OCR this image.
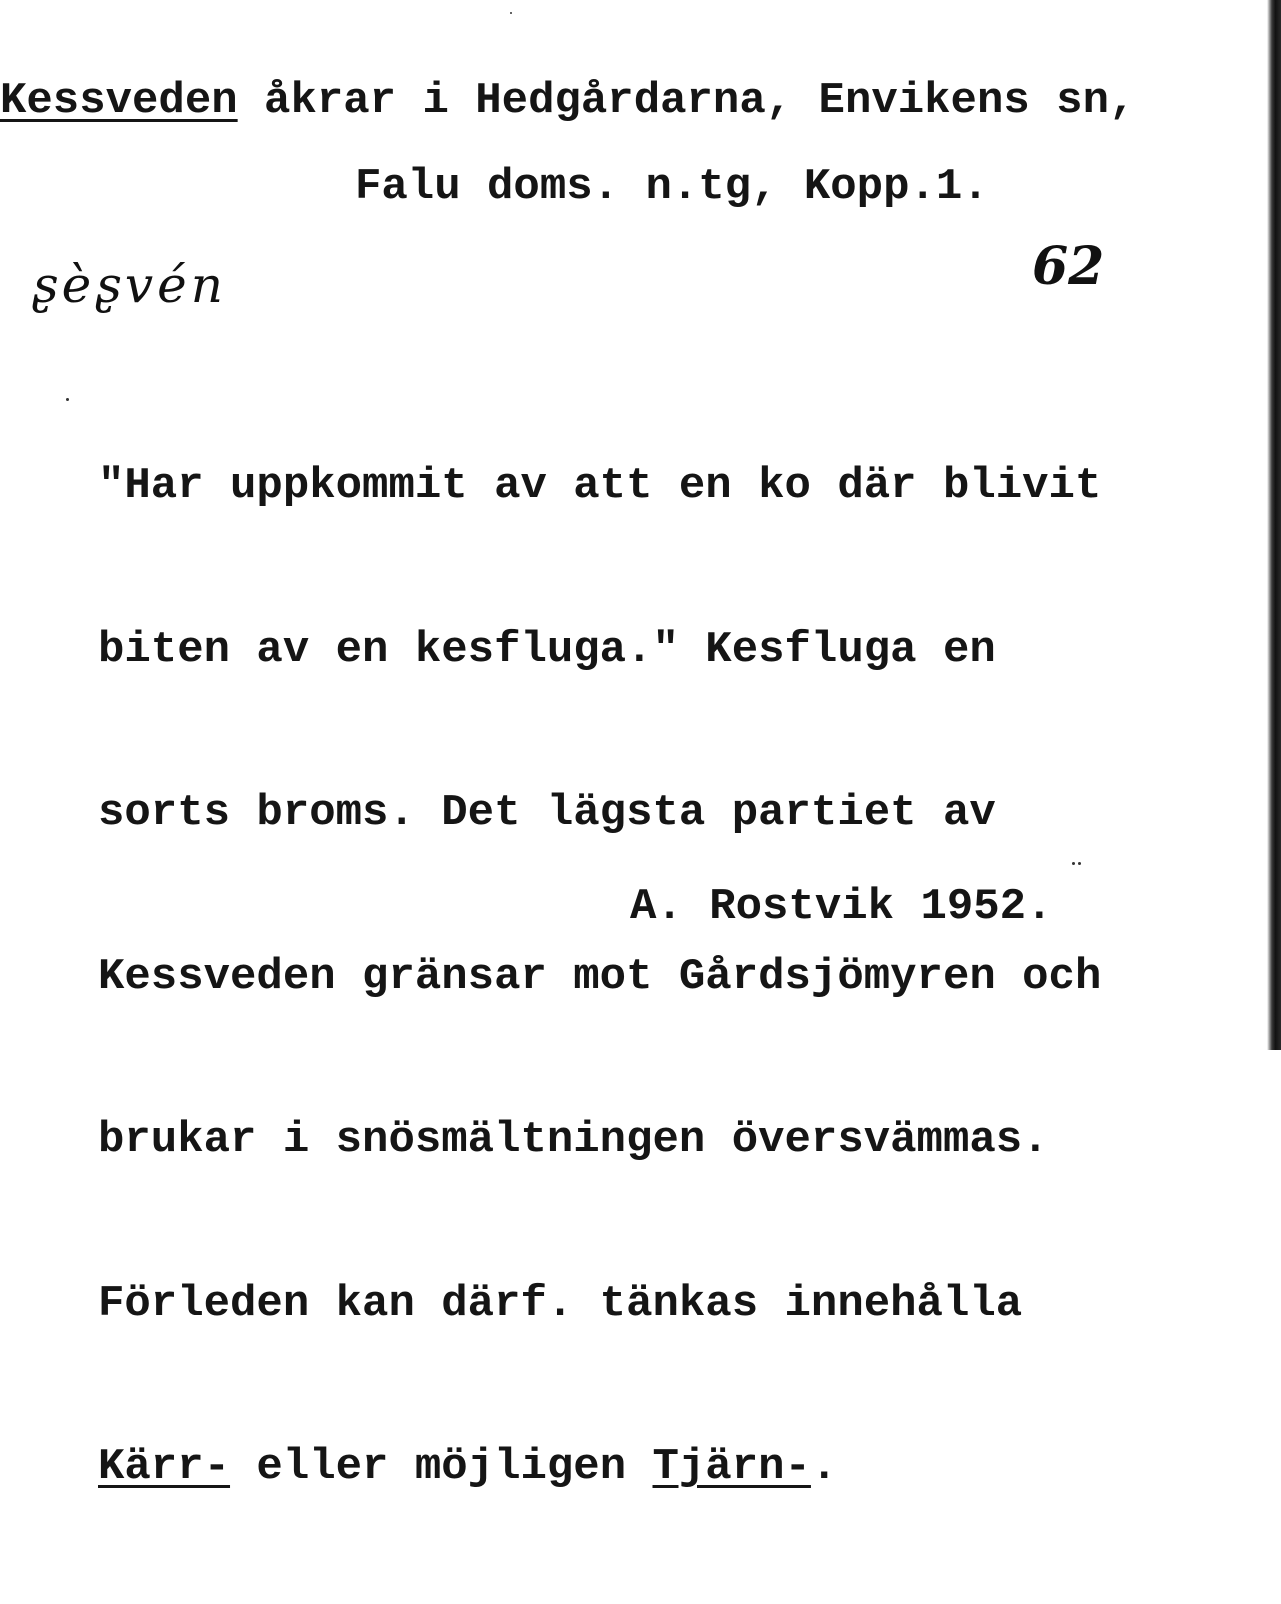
Kessveden åkrar i Hedgårdarna, Envikens sn,
Falu doms. n.tg, Kopp.1.
ʂèʂvén	62

"Har uppkommit av att en ko där blivit

biten av en kesfluga." Kesfluga en

sorts broms. Det lägsta partiet av

Kessveden gränsar mot Gårdsjömyren och

brukar i snösmältningen översvämmas.

Förleden kan därf. tänkas innehålla

Kärr- eller möjligen Tjärn-.

A. Rostvik 1952.
